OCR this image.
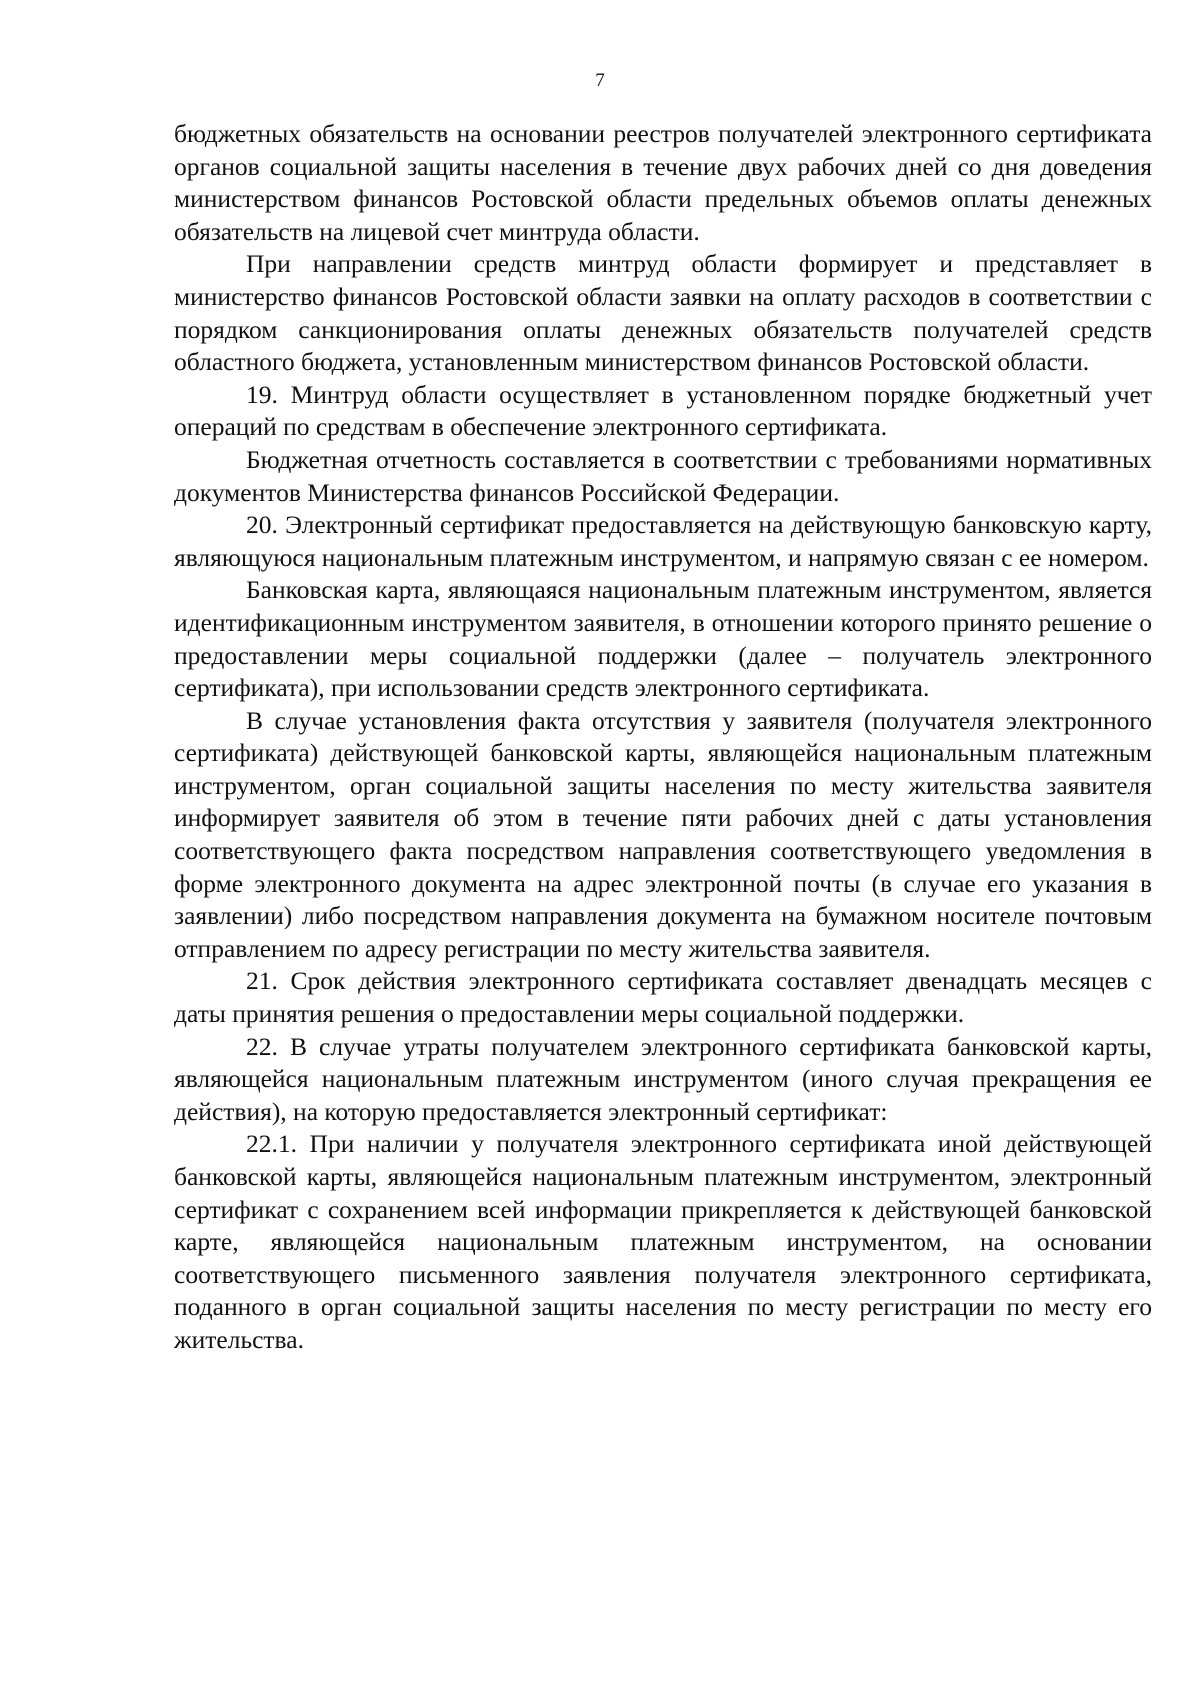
7

бюджетных обязательств на основании реестров получателей электронного сертификата органов социальной защиты населения в течение двух рабочих дней со дня доведения министерством финансов Ростовской области предельных объемов оплаты денежных обязательств на лицевой счет минтруда области.

При направлении средств минтруд области формирует и представляет в министерство финансов Ростовской области заявки на оплату расходов в соответствии с порядком санкционирования оплаты денежных обязательств получателей средств областного бюджета, установленным министерством финансов Ростовской области.

19. Минтруд области осуществляет в установленном порядке бюджетный учет операций по средствам в обеспечение электронного сертификата.

Бюджетная отчетность составляется в соответствии с требованиями нормативных документов Министерства финансов Российской Федерации.

20. Электронный сертификат предоставляется на действующую банковскую карту, являющуюся национальным платежным инструментом, и напрямую связан с ее номером.

Банковская карта, являющаяся национальным платежным инструментом, является идентификационным инструментом заявителя, в отношении которого принято решение о предоставлении меры социальной поддержки (далее – получатель электронного сертификата), при использовании средств электронного сертификата.

В случае установления факта отсутствия у заявителя (получателя электронного сертификата) действующей банковской карты, являющейся национальным платежным инструментом, орган социальной защиты населения по месту жительства заявителя информирует заявителя об этом в течение пяти рабочих дней с даты установления соответствующего факта посредством направления соответствующего уведомления в форме электронного документа на адрес электронной почты (в случае его указания в заявлении) либо посредством направления документа на бумажном носителе почтовым отправлением по адресу регистрации по месту жительства заявителя.

21. Срок действия электронного сертификата составляет двенадцать месяцев с даты принятия решения о предоставлении меры социальной поддержки.

22. В случае утраты получателем электронного сертификата банковской карты, являющейся национальным платежным инструментом (иного случая прекращения ее действия), на которую предоставляется электронный сертификат:

22.1. При наличии у получателя электронного сертификата иной действующей банковской карты, являющейся национальным платежным инструментом, электронный сертификат с сохранением всей информации прикрепляется к действующей банковской карте, являющейся национальным платежным инструментом, на основании соответствующего письменного заявления получателя электронного сертификата, поданного в орган социальной защиты населения по месту регистрации по месту его жительства.
